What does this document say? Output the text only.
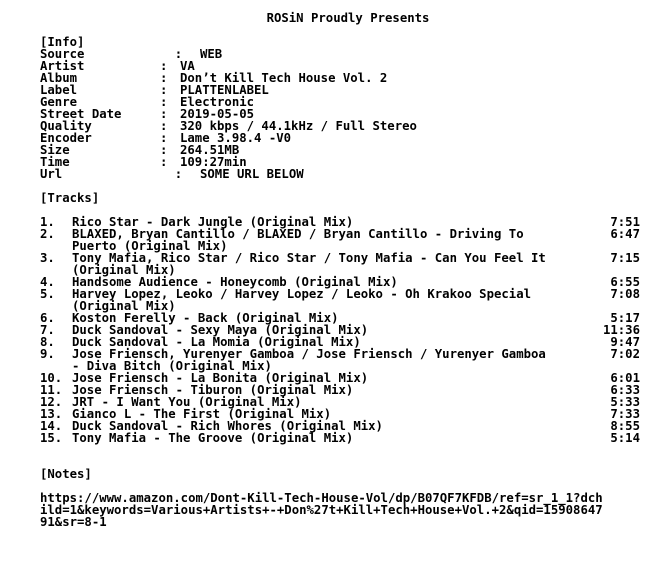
ROSiN Proudly Presents
[Info]
Source	:	WEB
Artist	:	VA
Album	:	Don’t Kill Tech House Vol. 2
Label	:	PLATTENLABEL
Genre	:	Electronic
Street Date	:	2019-05-05
Quality	:	320 kbps / 44.1kHz / Full Stereo
Encoder	:	Lame 3.98.4 -V0
Size	:	264.51MB
Time	:	109:27min
Url	:	SOME URL BELOW
[Tracks]
1.	Rico Star - Dark Jungle (Original Mix)	7:51
2.	BLAXED, Bryan Cantillo / BLAXED / Bryan Cantillo - Driving To
Puerto (Original Mix)
6:47
3.	Tony Mafia, Rico Star / Rico Star / Tony Mafia - Can You Feel It
(Original Mix)
7:15
4.	Handsome Audience - Honeycomb (Original Mix)	6:55
5.	Harvey Lopez, Leoko / Harvey Lopez / Leoko - Oh Krakoo Special
(Original Mix)
7:08
6.	Koston Ferelly - Back (Original Mix)	5:17
7.	Duck Sandoval - Sexy Maya (Original Mix)	11:36
8.	Duck Sandoval - La Momia (Original Mix)	9:47
9.	Jose Friensch, Yurenyer Gamboa / Jose Friensch / Yurenyer Gamboa
- Diva Bitch (Original Mix)
7:02
10. Jose Friensch - La Bonita (Original Mix)	6:01
11. Jose Friensch - Tiburon (Original Mix)	6:33
12. JRT - I Want You (Original Mix)	5:33
13. Gianco L - The First (Original Mix)	7:33
14. Duck Sandoval - Rich Whores (Original Mix)	8:55
15. Tony Mafia - The Groove (Original Mix)	5:14
[Notes]
https://www.amazon.com/Dont-Kill-Tech-House-Vol/dp/B07QF7KFDB/ref=sr_1_1?dch
ild=1&keywords=Various+Artists+-+Don%27t+Kill+Tech+House+Vol.+2&qid=15908647
91&sr=8-1
